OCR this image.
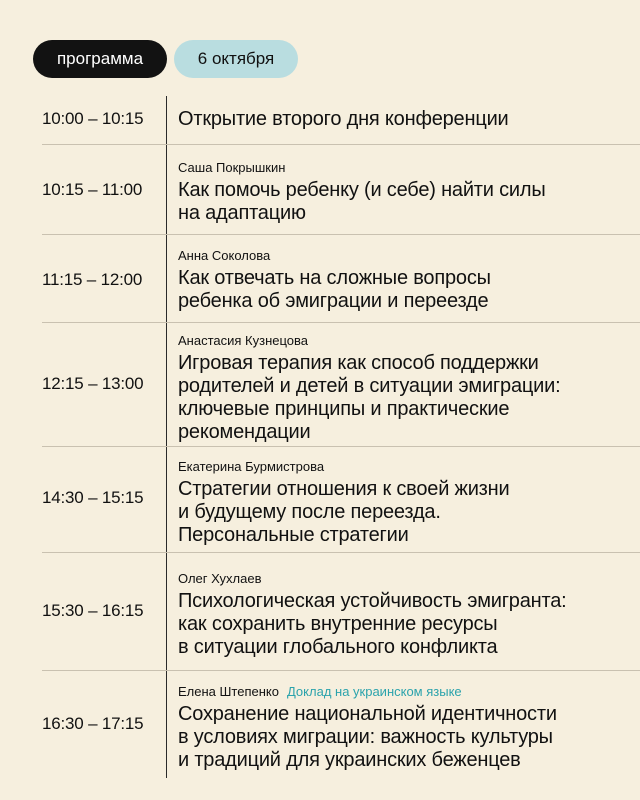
программа	6 октября
10:00 – 10:15	Открытие второго дня конференции
10:15 – 11:00
Саша Покрышкин
Как помочь ребенку (и себе) найти силы
на адаптацию
11:15 – 12:00
Анна Соколова
Как отвечать на сложные вопросы
ребенка об эмиграции и переезде
12:15 – 13:00
Анастасия Кузнецова
Игровая терапия как способ поддержки
родителей и детей в ситуации эмиграции:
ключевые принципы и практические
рекомендации
14:30 – 15:15
Екатерина Бурмистрова
Стратегии отношения к своей жизни
и будущему после переезда.
Персональные стратегии
15:30 – 16:15
Олег Хухлаев
Психологическая устойчивость эмигранта:
как сохранить внутренние ресурсы
в ситуации глобального конфликта
16:30 – 17:15
Елена Штепенко Доклад на украинском языке
Сохранение национальной идентичности
в условиях миграции: важность культуры
и традиций для украинских беженцев
